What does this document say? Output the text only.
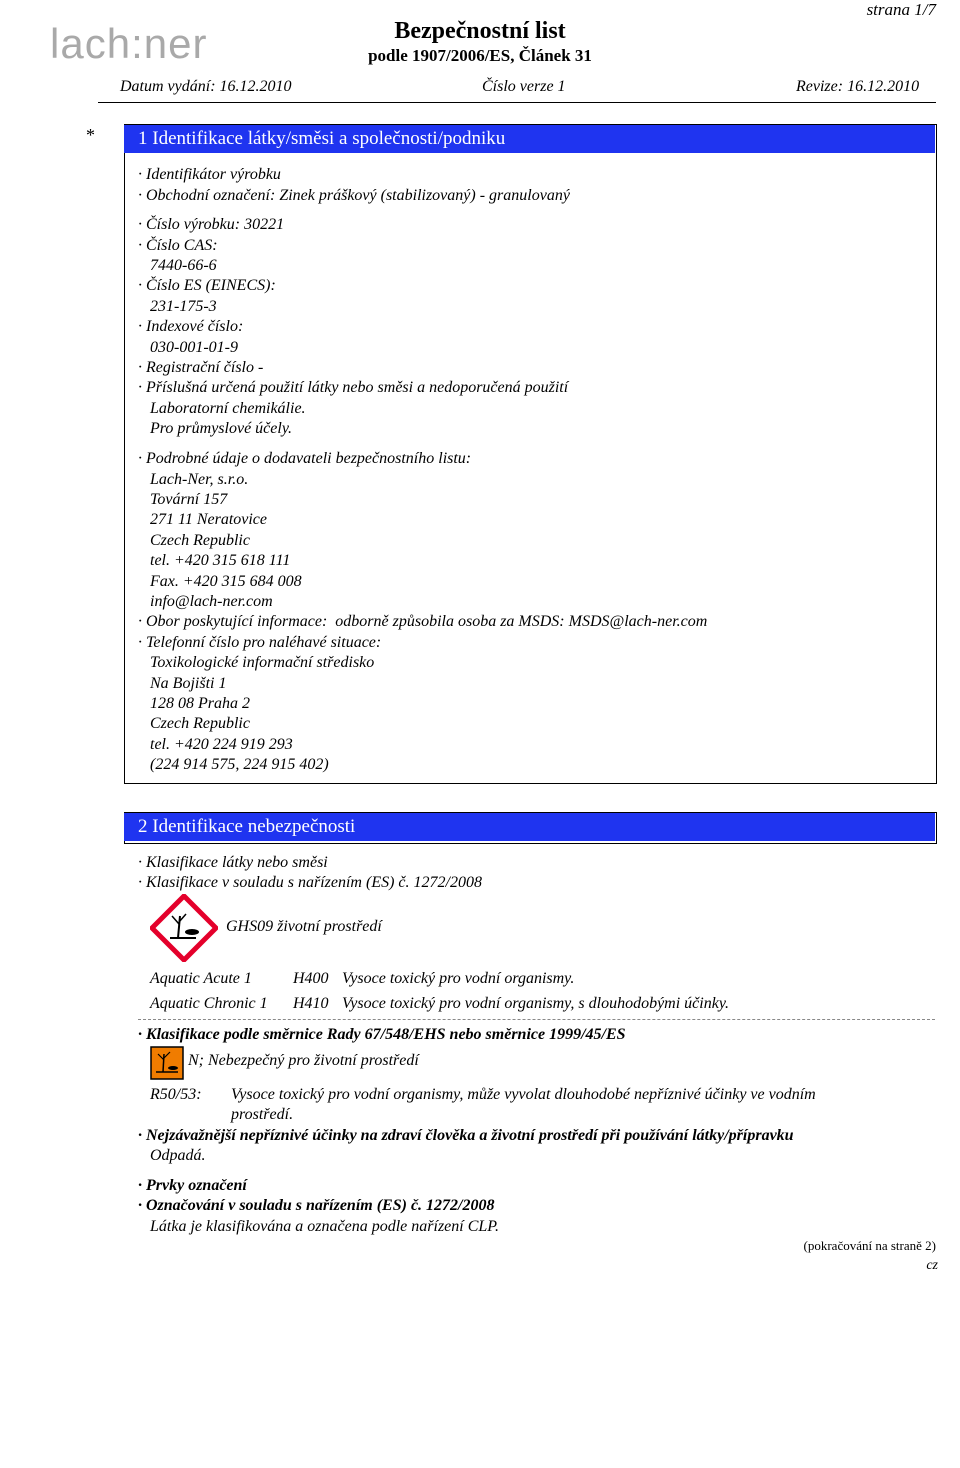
lach:ner
strana 1/7
Bezpečnostní list
podle 1907/2006/ES, Článek 31
Datum vydání: 16.12.2010	Číslo verze 1	Revize: 16.12.2010
*	1 Identifikace látky/směsi a společnosti/podniku
· Identifikátor výrobku
· Obchodní označení: Zinek práškový (stabilizovaný) - granulovaný
· Číslo výrobku: 30221
· Číslo CAS:
7440-66-6
· Číslo ES (EINECS):
231-175-3
· Indexové číslo:
030-001-01-9
· Registrační číslo -
· Příslušná určená použití látky nebo směsi a nedoporučená použití
Laboratorní chemikálie.
Pro průmyslové účely.
· Podrobné údaje o dodavateli bezpečnostního listu:
Lach-Ner, s.r.o.
Tovární 157
271 11 Neratovice
Czech Republic
tel. +420 315 618 111
Fax. +420 315 684 008
info@lach-ner.com
· Obor poskytující informace: odborně způsobila osoba za MSDS: MSDS@lach-ner.com
· Telefonní číslo pro naléhavé situace:
Toxikologické informační středisko
Na Bojišti 1
128 08 Praha 2
Czech Republic
tel. +420 224 919 293
(224 914 575, 224 915 402)
2 Identifikace nebezpečnosti
· Klasifikace látky nebo směsi
· Klasifikace v souladu s nařízením (ES) č. 1272/2008
GHS09 životní prostředí
Aquatic Acute 1	H400 Vysoce toxický pro vodní organismy.
Aquatic Chronic 1 H410 Vysoce toxický pro vodní organismy, s dlouhodobými účinky.
· Klasifikace podle směrnice Rady 67/548/EHS nebo směrnice 1999/45/ES
N; Nebezpečný pro životní prostředí
R50/53: Vysoce toxický pro vodní organismy, může vyvolat dlouhodobé nepříznivé účinky ve vodním
prostředí.
· Nejzávažnější nepříznivé účinky na zdraví člověka a životní prostředí při používání látky/přípravku
Odpadá.
· Prvky označení
· Označování v souladu s nařízením (ES) č. 1272/2008
Látka je klasifikována a označena podle nařízení CLP.
(pokračování na straně 2)
cz
